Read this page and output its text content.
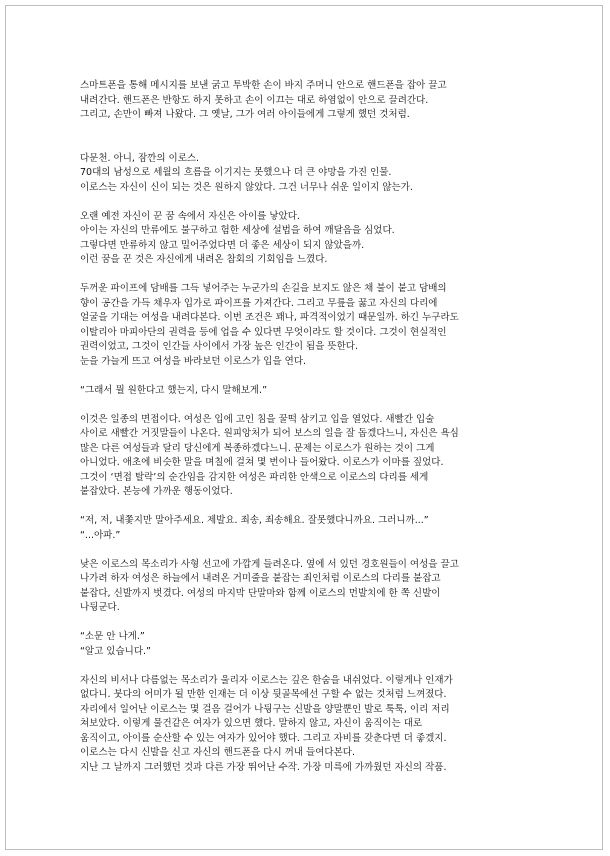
스마트폰을 통해 메시지를 보낸 굵고 투박한 손이 바지 주머니 안으로 핸드폰을 잡아 끌고
내려간다. 핸드폰은 반항도 하지 못하고 손이 이끄는 대로 하염없이 안으로 끌려간다.
그리고, 손만이 빠져 나왔다. 그 옛날, 그가 여러 아이들에게 그렇게 했던 것처럼.
다문천. 아니, 잠깐의 이로스.
70대의 남성으로 세월의 흐름을 이기지는 못했으나 더 큰 야망을 가진 인물.
이로스는 자신이 신이 되는 것은 원하지 않았다. 그건 너무나 쉬운 일이지 않는가.
오랜 예전 자신이 꾼 꿈 속에서 자신은 아이를 낳았다.
아이는 자신의 만류에도 불구하고 험한 세상에 설법을 하여 깨달음을 심었다.
그렇다면 만류하지 않고 밀어주었다면 더 좋은 세상이 되지 않았을까.
이런 꿈을 꾼 것은 자신에게 내려온 참회의 기회임을 느꼈다.
두꺼운 파이프에 담배를 그득 넣어주는 누군가의 손길을 보지도 않은 채 불이 붙고 담배의
향이 공간을 가득 채우자 입가로 파이프를 가져간다. 그리고 무릎을 꿇고 자신의 다리에
얼굴을 기대는 여성을 내려다본다. 이번 조건은 꽤나, 파격적이었기 때문일까. 하긴 누구라도
이탈리아 마피아단의 권력을 등에 업을 수 있다면 무엇이라도 할 것이다. 그것이 현실적인
권력이었고, 그것이 인간들 사이에서 가장 높은 인간이 됨을 뜻한다.
눈을 가늘게 뜨고 여성을 바라보던 이로스가 입을 연다.
“그래서 뭘 원한다고 했는지, 다시 말해보게.”
이것은 일종의 면접이다. 여성은 입에 고인 침을 꿀떡 삼키고 입을 열었다. 새빨간 입술
사이로 새빨간 거짓말들이 나온다. 원피앙처가 되어 보스의 일을 잘 돕겠다느니, 자신은 욕심
많은 다른 여성들과 달리 당신에게 복종하겠다느니. 문제는 이로스가 원하는 것이 그게
아니었다. 애초에 비슷한 말을 며칠에 걸쳐 몇 번이나 들어왔다. 이로스가 이마를 짚었다.
그것이 ‘면접 탈락’의 순간임을 감지한 여성은 파리한 안색으로 이로스의 다리를 세게
붙잡았다. 본능에 가까운 행동이었다.
“저, 저, 내쫓지만 말아주세요. 제발요. 죄송, 죄송해요. 잘못했다니까요. 그러니까...”
“...아파.”
낮은 이로스의 목소리가 사형 선고에 가깝게 들려온다. 옆에 서 있던 경호원들이 여성을 끌고
나가려 하자 여성은 하늘에서 내려온 거미줄을 붙잡는 죄인처럼 이로스의 다리를 붙잡고
붙잡다, 신발까지 벗겼다. 여성의 마지막 단말마와 함께 이로스의 먼발치에 한 쪽 신발이
나뒹군다.
“소문 안 나게.”
“알고 있습니다.”
자신의 비서나 다름없는 목소리가 울리자 이로스는 깊은 한숨을 내쉬었다. 이렇게나 인재가
없다니. 붓다의 어미가 될 만한 인재는 더 이상 뒷골목에선 구할 수 없는 것처럼 느껴졌다.
자리에서 일어난 이로스는 몇 걸음 걸어가 나뒹구는 신발을 양말뿐인 발로 툭툭, 이리 저리
쳐보았다. 이렇게 물건같은 여자가 있으면 했다. 말하지 않고, 자신이 움직이는 대로
움직이고, 아이를 순산할 수 있는 여자가 있어야 했다. 그리고 자비를 갖춘다면 더 좋겠지.
이로스는 다시 신발을 신고 자신의 핸드폰을 다시 꺼내 들여다본다.
지난 그 날까지 그러했던 것과 다른 가장 뛰어난 수작. 가장 미륵에 가까웠던 자신의 작품.
